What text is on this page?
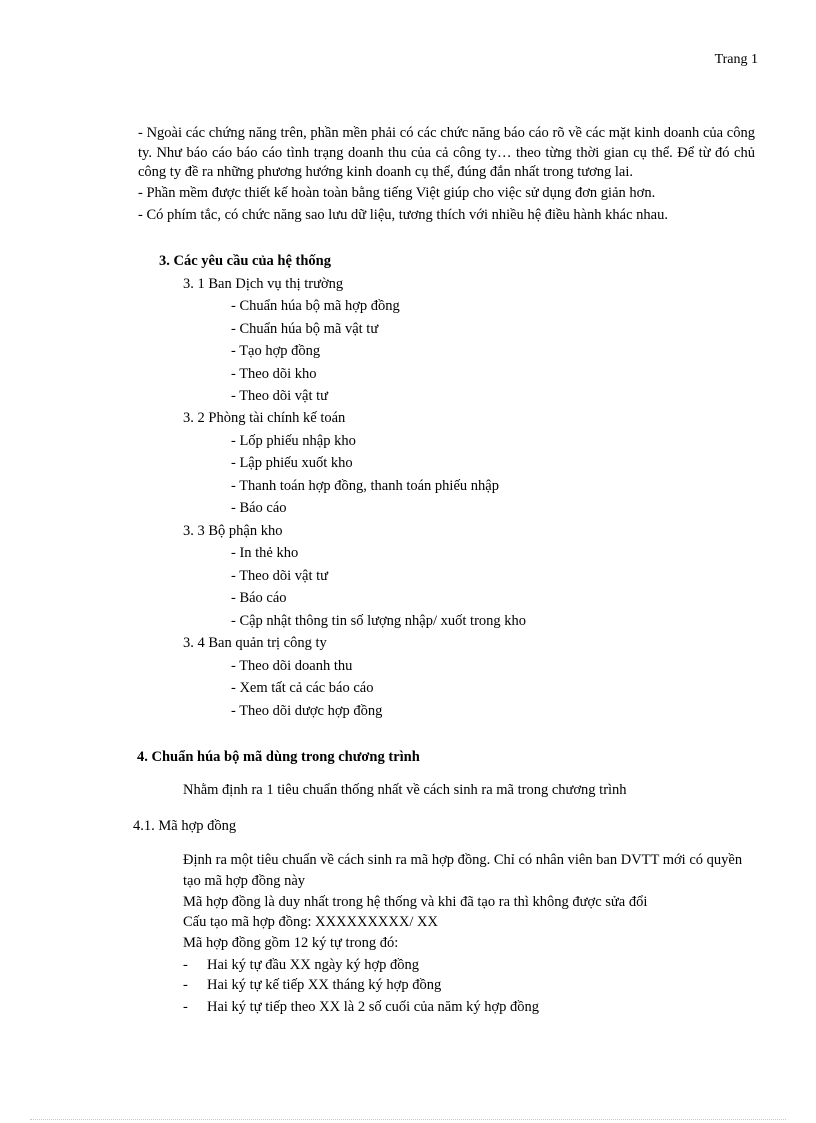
Trang 1
- Ngoài các chứng năng trên, phần mền phải có các chức năng báo cáo rõ về các mặt kinh doanh của công ty. Như báo cáo báo cáo tình trạng doanh thu của cả công ty… theo từng thời gian cụ thể. Để từ đó chủ công ty đề ra những phương hướng kinh doanh cụ thể, đúng đắn nhất trong tương lai.
- Phần mềm được thiết kế hoàn toàn bằng tiếng Việt giúp cho việc sử dụng đơn giản hơn.
- Có phím tắc, có chức năng sao lưu dữ liệu, tương thích với nhiều hệ điều hành khác nhau.
3. Các yêu cầu của hệ thống
3. 1 Ban Dịch vụ thị trường
- Chuẩn húa bộ mã hợp đồng
- Chuẩn húa bộ mã vật tư
- Tạo hợp đồng
- Theo dõi kho
- Theo dõi vật tư
3. 2 Phòng tài chính kế toán
- Lốp phiếu nhập kho
- Lập phiếu xuốt kho
- Thanh toán hợp đồng, thanh toán phiếu nhập
- Báo cáo
3. 3 Bộ phận kho
- In thẻ kho
- Theo dõi vật tư
- Báo cáo
- Cập nhật thông tin số lượng nhập/ xuốt trong kho
3. 4 Ban quản trị công ty
- Theo dõi doanh thu
- Xem tất cả các báo cáo
- Theo dõi dược hợp đồng
4. Chuẩn húa bộ mã dùng trong chương trình
Nhằm định ra 1 tiêu chuẩn thống nhất về cách sinh ra mã trong chương trình
4.1. Mã hợp đồng
Định ra một tiêu chuẩn về cách sinh ra mã hợp đồng. Chỉ có nhân viên ban DVTT mới có quyền
tạo mã hợp đồng này
Mã hợp đồng là duy nhất trong hệ thống và khi đã tạo ra thì không được sửa đổi
Cấu tạo mã hợp đồng: XXXXXXXXX/ XX
Mã hợp đồng gồm 12 ký tự trong đó:
- Hai ký tự đầu XX ngày ký hợp đồng
- Hai ký tự kế tiếp XX tháng ký hợp đồng
- Hai ký tự tiếp theo XX là 2 số cuối của năm ký hợp đồng
